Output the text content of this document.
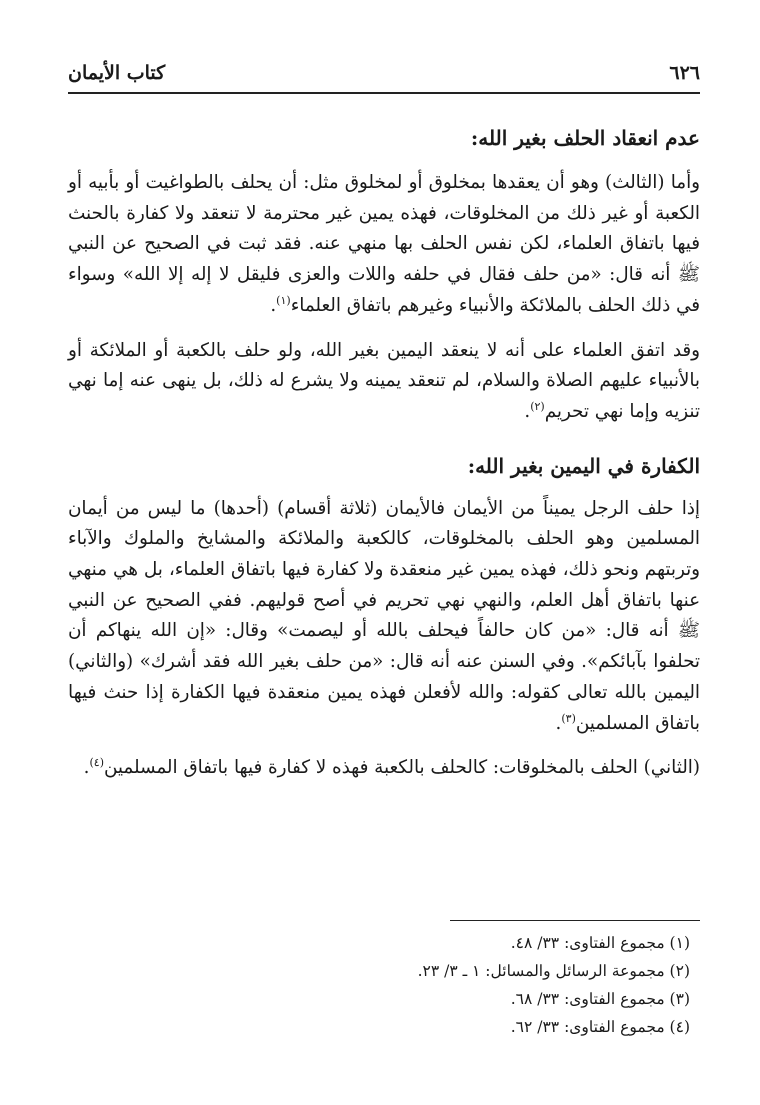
كتاب الأيمان	٦٢٦
عدم انعقاد الحلف بغير الله:

وأما (الثالث) وهو أن يعقدها بمخلوق أو لمخلوق مثل: أن يحلف بالطواغيت أو بأبيه أو الكعبة أو غير ذلك من المخلوقات، فهذه يمين غير محترمة لا تنعقد ولا كفارة بالحنث فيها باتفاق العلماء، لكن نفس الحلف بها منهي عنه. فقد ثبت في الصحيح عن النبي ﷺ أنه قال: «من حلف فقال في حلفه واللات والعزى فليقل لا إله إلا الله» وسواء في ذلك الحلف بالملائكة والأنبياء وغيرهم باتفاق العلماء$^{(١)}$.

وقد اتفق العلماء على أنه لا ينعقد اليمين بغير الله، ولو حلف بالكعبة أو الملائكة أو بالأنبياء عليهم الصلاة والسلام، لم تنعقد يمينه ولا يشرع له ذلك، بل ينهى عنه إما نهي تنزيه وإما نهي تحريم$^{(٢)}$.

الكفارة في اليمين بغير الله:

إذا حلف الرجل يميناً من الأيمان فالأيمان (ثلاثة أقسام) (أحدها) ما ليس من أيمان المسلمين وهو الحلف بالمخلوقات، كالكعبة والملائكة والمشايخ والملوك والآباء وتربتهم ونحو ذلك، فهذه يمين غير منعقدة ولا كفارة فيها باتفاق العلماء، بل هي منهي عنها باتفاق أهل العلم، والنهي نهي تحريم في أصح قوليهم. ففي الصحيح عن النبي ﷺ أنه قال: «من كان حالفاً فيحلف بالله أو ليصمت» وقال: «إن الله ينهاكم أن تحلفوا بآبائكم». وفي السنن عنه أنه قال: «من حلف بغير الله فقد أشرك» (والثاني) اليمين بالله تعالى كقوله: والله لأفعلن فهذه يمين منعقدة فيها الكفارة إذا حنث فيها باتفاق المسلمين$^{(٣)}$.

(الثاني) الحلف بالمخلوقات: كالحلف بالكعبة فهذه لا كفارة فيها باتفاق المسلمين$^{(٤)}$.

(١) مجموع الفتاوى: ٣٣/ ٤٨.

(٢) مجموعة الرسائل والمسائل: ١ ـ ٣/ ٢٣.

(٣) مجموع الفتاوى: ٣٣/ ٦٨.

(٤) مجموع الفتاوى: ٣٣/ ٦٢.
